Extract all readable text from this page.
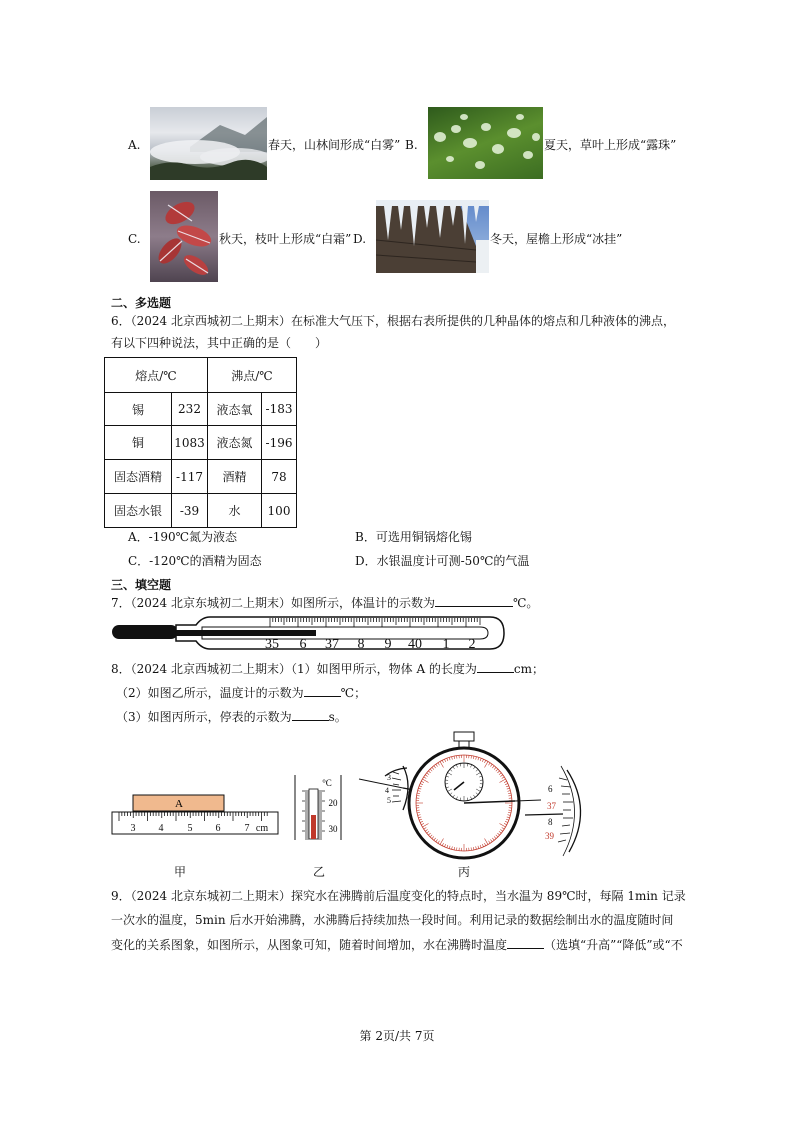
A.	春天，山林间形成“白雾” B.	夏天，草叶上形成“露珠”
C.	秋天，枝叶上形成“白霜” D.	冬天，屋檐上形成“冰挂”
二、多选题
6．（2024 北京西城初二上期末）在标准大气压下，根据右表所提供的几种晶体的熔点和几种液体的沸点，
有以下四种说法，其中正确的是（　　）
熔点/℃		沸点/℃	
锡	232	液态氧	-183
铜	1083	液态氮	-196
固态酒精	-117	酒精	78
固态水银	-39	水	100
A．-190℃氮为液态	B．可选用铜锅熔化锡
C．-120℃的酒精为固态	D．水银温度计可测-50℃的气温
三、填空题
7．（2024 北京东城初二上期末）如图所示，体温计的示数为	℃。
35 6 37 8 9 40 1 2
8．（2024 北京西城初二上期末）（1）如图甲所示，物体 A 的长度为	cm；
（2）如图乙所示，温度计的示数为	℃；
（3）如图丙所示，停表的示数为	s。
A
3 4 5 6 7 cm
甲
°C
20
30
乙
3
4
5
6
37
8
39
丙
9．（2024 北京东城初二上期末）探究水在沸腾前后温度变化的特点时，当水温为 89℃时，每隔 1min 记录
一次水的温度，5min 后水开始沸腾，水沸腾后持续加热一段时间。利用记录的数据绘制出水的温度随时间
变化的关系图象，如图所示，从图象可知，随着时间增加，水在沸腾时温度	（选填“升高”“降低”或“不
第 2页/共 7页
